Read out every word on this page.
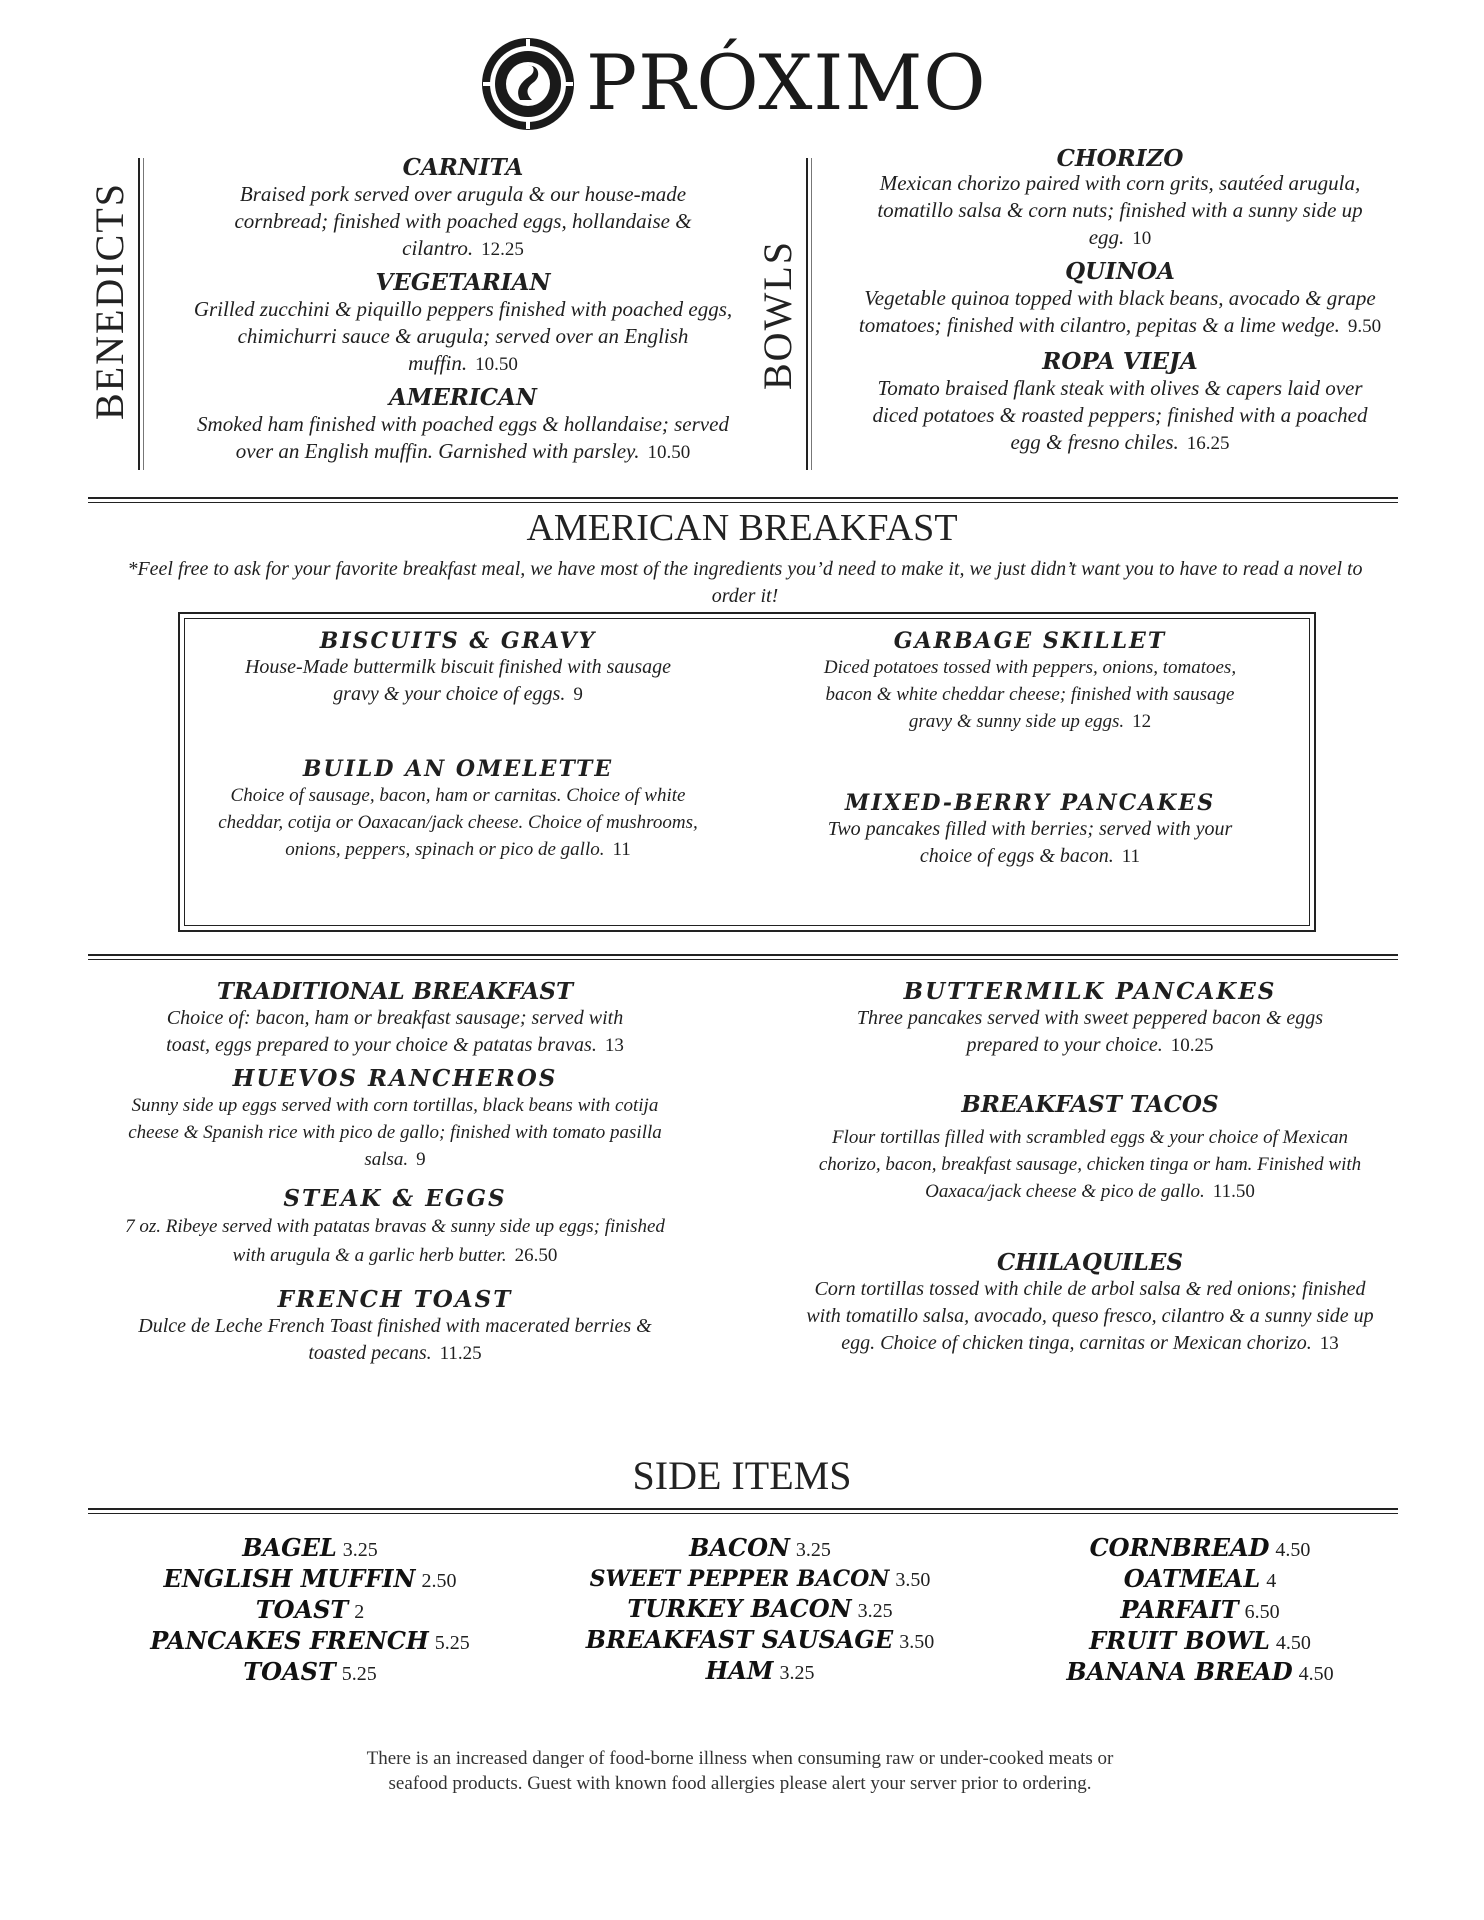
PRÓXIMO
BENEDICTS
CARNITA
Braised pork served over arugula & our house-made cornbread; finished with poached eggs, hollandaise & cilantro. 12.25
VEGETARIAN
Grilled zucchini & piquillo peppers finished with poached eggs, chimichurri sauce & arugula; served over an English muffin. 10.50
AMERICAN
Smoked ham finished with poached eggs & hollandaise; served over an English muffin. Garnished with parsley. 10.50
BOWLS
CHORIZO
Mexican chorizo paired with corn grits, sautéed arugula, tomatillo salsa & corn nuts; finished with a sunny side up egg. 10
QUINOA
Vegetable quinoa topped with black beans, avocado & grape tomatoes; finished with cilantro, pepitas & a lime wedge. 9.50
ROPA VIEJA
Tomato braised flank steak with olives & capers laid over diced potatoes & roasted peppers; finished with a poached egg & fresno chiles. 16.25
AMERICAN BREAKFAST
*Feel free to ask for your favorite breakfast meal, we have most of the ingredients you’d need to make it, we just didn’t want you to have to read a novel to order it!
BISCUITS & GRAVY
House-Made buttermilk biscuit finished with sausage gravy & your choice of eggs. 9
GARBAGE SKILLET
Diced potatoes tossed with peppers, onions, tomatoes, bacon & white cheddar cheese; finished with sausage gravy & sunny side up eggs. 12
BUILD AN OMELETTE
Choice of sausage, bacon, ham or carnitas. Choice of white cheddar, cotija or Oaxacan/jack cheese. Choice of mushrooms, onions, peppers, spinach or pico de gallo. 11
MIXED-BERRY PANCAKES
Two pancakes filled with berries; served with your choice of eggs & bacon. 11
TRADITIONAL BREAKFAST
Choice of: bacon, ham or breakfast sausage; served with toast, eggs prepared to your choice & patatas bravas. 13
HUEVOS RANCHEROS
Sunny side up eggs served with corn tortillas, black beans with cotija cheese & Spanish rice with pico de gallo; finished with tomato pasilla salsa. 9
STEAK & EGGS
7 oz. Ribeye served with patatas bravas & sunny side up eggs; finished with arugula & a garlic herb butter. 26.50
FRENCH TOAST
Dulce de Leche French Toast finished with macerated berries & toasted pecans. 11.25
BUTTERMILK PANCAKES
Three pancakes served with sweet peppered bacon & eggs prepared to your choice. 10.25
BREAKFAST TACOS
Flour tortillas filled with scrambled eggs & your choice of Mexican chorizo, bacon, breakfast sausage, chicken tinga or ham. Finished with Oaxaca/jack cheese & pico de gallo. 11.50
CHILAQUILES
Corn tortillas tossed with chile de arbol salsa & red onions; finished with tomatillo salsa, avocado, queso fresco, cilantro & a sunny side up egg. Choice of chicken tinga, carnitas or Mexican chorizo. 13
SIDE ITEMS
BAGEL 3.25
ENGLISH MUFFIN 2.50
TOAST 2
PANCAKES FRENCH 5.25
TOAST 5.25
BACON 3.25
SWEET PEPPER BACON 3.50
TURKEY BACON 3.25
BREAKFAST SAUSAGE 3.50
HAM 3.25
CORNBREAD 4.50
OATMEAL 4
PARFAIT 6.50
FRUIT BOWL 4.50
BANANA BREAD 4.50
There is an increased danger of food-borne illness when consuming raw or under-cooked meats or seafood products. Guest with known food allergies please alert your server prior to ordering.
